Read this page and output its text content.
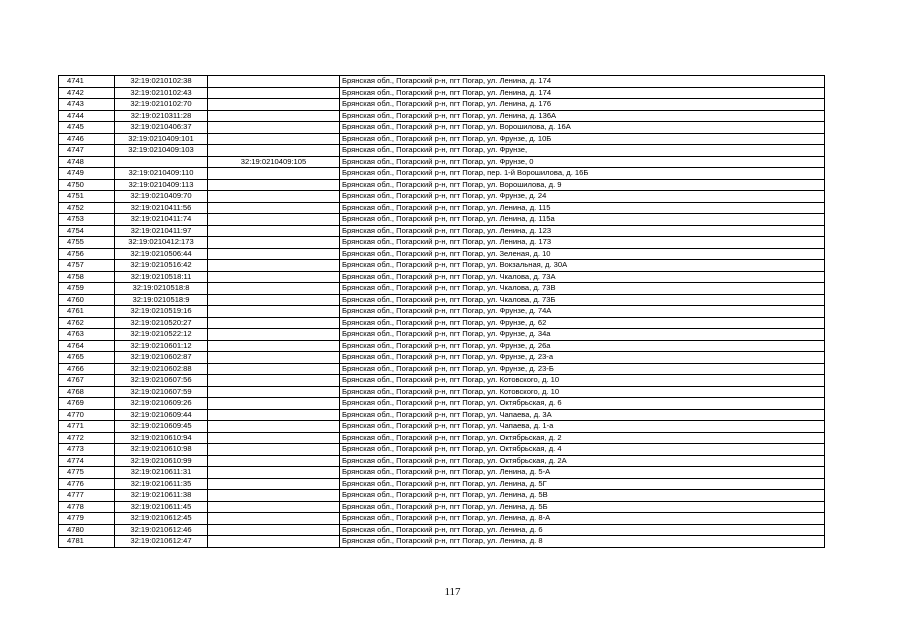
4741	32:19:0210102:38		Брянская обл., Погарский р-н, пгт Погар, ул. Ленина, д. 174
4742	32:19:0210102:43		Брянская обл., Погарский р-н, пгт Погар, ул. Ленина, д. 174
4743	32:19:0210102:70		Брянская обл., Погарский р-н, пгт Погар, ул. Ленина, д. 176
4744	32:19:0210311:28		Брянская обл., Погарский р-н, пгт Погар, ул. Ленина, д. 136А
4745	32:19:0210406:37		Брянская обл., Погарский р-н, пгт Погар, ул. Ворошилова, д. 16А
4746	32:19:0210409:101		Брянская обл., Погарский р-н, пгт Погар, ул. Фрунзе, д. 10Б
4747	32:19:0210409:103		Брянская обл., Погарский р-н, пгт Погар, ул. Фрунзе,
4748		32:19:0210409:105	Брянская обл., Погарский р-н, пгт Погар, ул. Фрунзе, 0
4749	32:19:0210409:110		Брянская обл., Погарский р-н, пгт Погар, пер. 1-й Ворошилова, д. 16Б
4750	32:19:0210409:113		Брянская обл., Погарский р-н, пгт Погар, ул. Ворошилова, д. 9
4751	32:19:0210409:70		Брянская обл., Погарский р-н, пгт Погар, ул. Фрунзе, д. 24
4752	32:19:0210411:56		Брянская обл., Погарский р-н, пгт Погар, ул. Ленина, д. 115
4753	32:19:0210411:74		Брянская обл., Погарский р-н, пгт Погар, ул. Ленина, д. 115а
4754	32:19:0210411:97		Брянская обл., Погарский р-н, пгт Погар, ул. Ленина, д. 123
4755	32:19:0210412:173		Брянская обл., Погарский р-н, пгт Погар, ул. Ленина, д. 173
4756	32:19:0210506:44		Брянская обл., Погарский р-н, пгт Погар, ул. Зеленая, д. 10
4757	32:19:0210516:42		Брянская обл., Погарский р-н, пгт Погар, ул. Вокзальная, д. 30А
4758	32:19:0210518:11		Брянская обл., Погарский р-н, пгт Погар, ул. Чкалова, д. 73А
4759	32:19:0210518:8		Брянская обл., Погарский р-н, пгт Погар, ул. Чкалова, д. 73В
4760	32:19:0210518:9		Брянская обл., Погарский р-н, пгт Погар, ул. Чкалова, д. 73Б
4761	32:19:0210519:16		Брянская обл., Погарский р-н, пгт Погар, ул. Фрунзе, д. 74А
4762	32:19:0210520:27		Брянская обл., Погарский р-н, пгт Погар, ул. Фрунзе, д. 62
4763	32:19:0210522:12		Брянская обл., Погарский р-н, пгт Погар, ул. Фрунзе, д. 34а
4764	32:19:0210601:12		Брянская обл., Погарский р-н, пгт Погар, ул. Фрунзе, д. 26а
4765	32:19:0210602:87		Брянская обл., Погарский р-н, пгт Погар, ул. Фрунзе, д. 23-а
4766	32:19:0210602:88		Брянская обл., Погарский р-н, пгт Погар, ул. Фрунзе, д. 23-Б
4767	32:19:0210607:56		Брянская обл., Погарский р-н, пгт Погар, ул. Котовского, д. 10
4768	32:19:0210607:59		Брянская обл., Погарский р-н, пгт Погар, ул. Котовского, д. 10
4769	32:19:0210609:26		Брянская обл., Погарский р-н, пгт Погар, ул. Октябрьская, д. 6
4770	32:19:0210609:44		Брянская обл., Погарский р-н, пгт Погар, ул. Чапаева, д. 3А
4771	32:19:0210609:45		Брянская обл., Погарский р-н, пгт Погар, ул. Чапаева, д. 1-а
4772	32:19:0210610:94		Брянская обл., Погарский р-н, пгт Погар, ул. Октябрьская, д. 2
4773	32:19:0210610:98		Брянская обл., Погарский р-н, пгт Погар, ул. Октябрьская, д. 4
4774	32:19:0210610:99		Брянская обл., Погарский р-н, пгт Погар, ул. Октябрьская, д. 2А
4775	32:19:0210611:31		Брянская обл., Погарский р-н, пгт Погар, ул. Ленина, д. 5-А
4776	32:19:0210611:35		Брянская обл., Погарский р-н, пгт Погар, ул. Ленина, д. 5Г
4777	32:19:0210611:38		Брянская обл., Погарский р-н, пгт Погар, ул. Ленина, д. 5В
4778	32:19:0210611:45		Брянская обл., Погарский р-н, пгт Погар, ул. Ленина, д. 5Б
4779	32:19:0210612:45		Брянская обл., Погарский р-н, пгт Погар, ул. Ленина, д. 8-А
4780	32:19:0210612:46		Брянская обл., Погарский р-н, пгт Погар, ул. Ленина, д. 6
4781	32:19:0210612:47		Брянская обл., Погарский р-н, пгт Погар, ул. Ленина, д. 8
117
